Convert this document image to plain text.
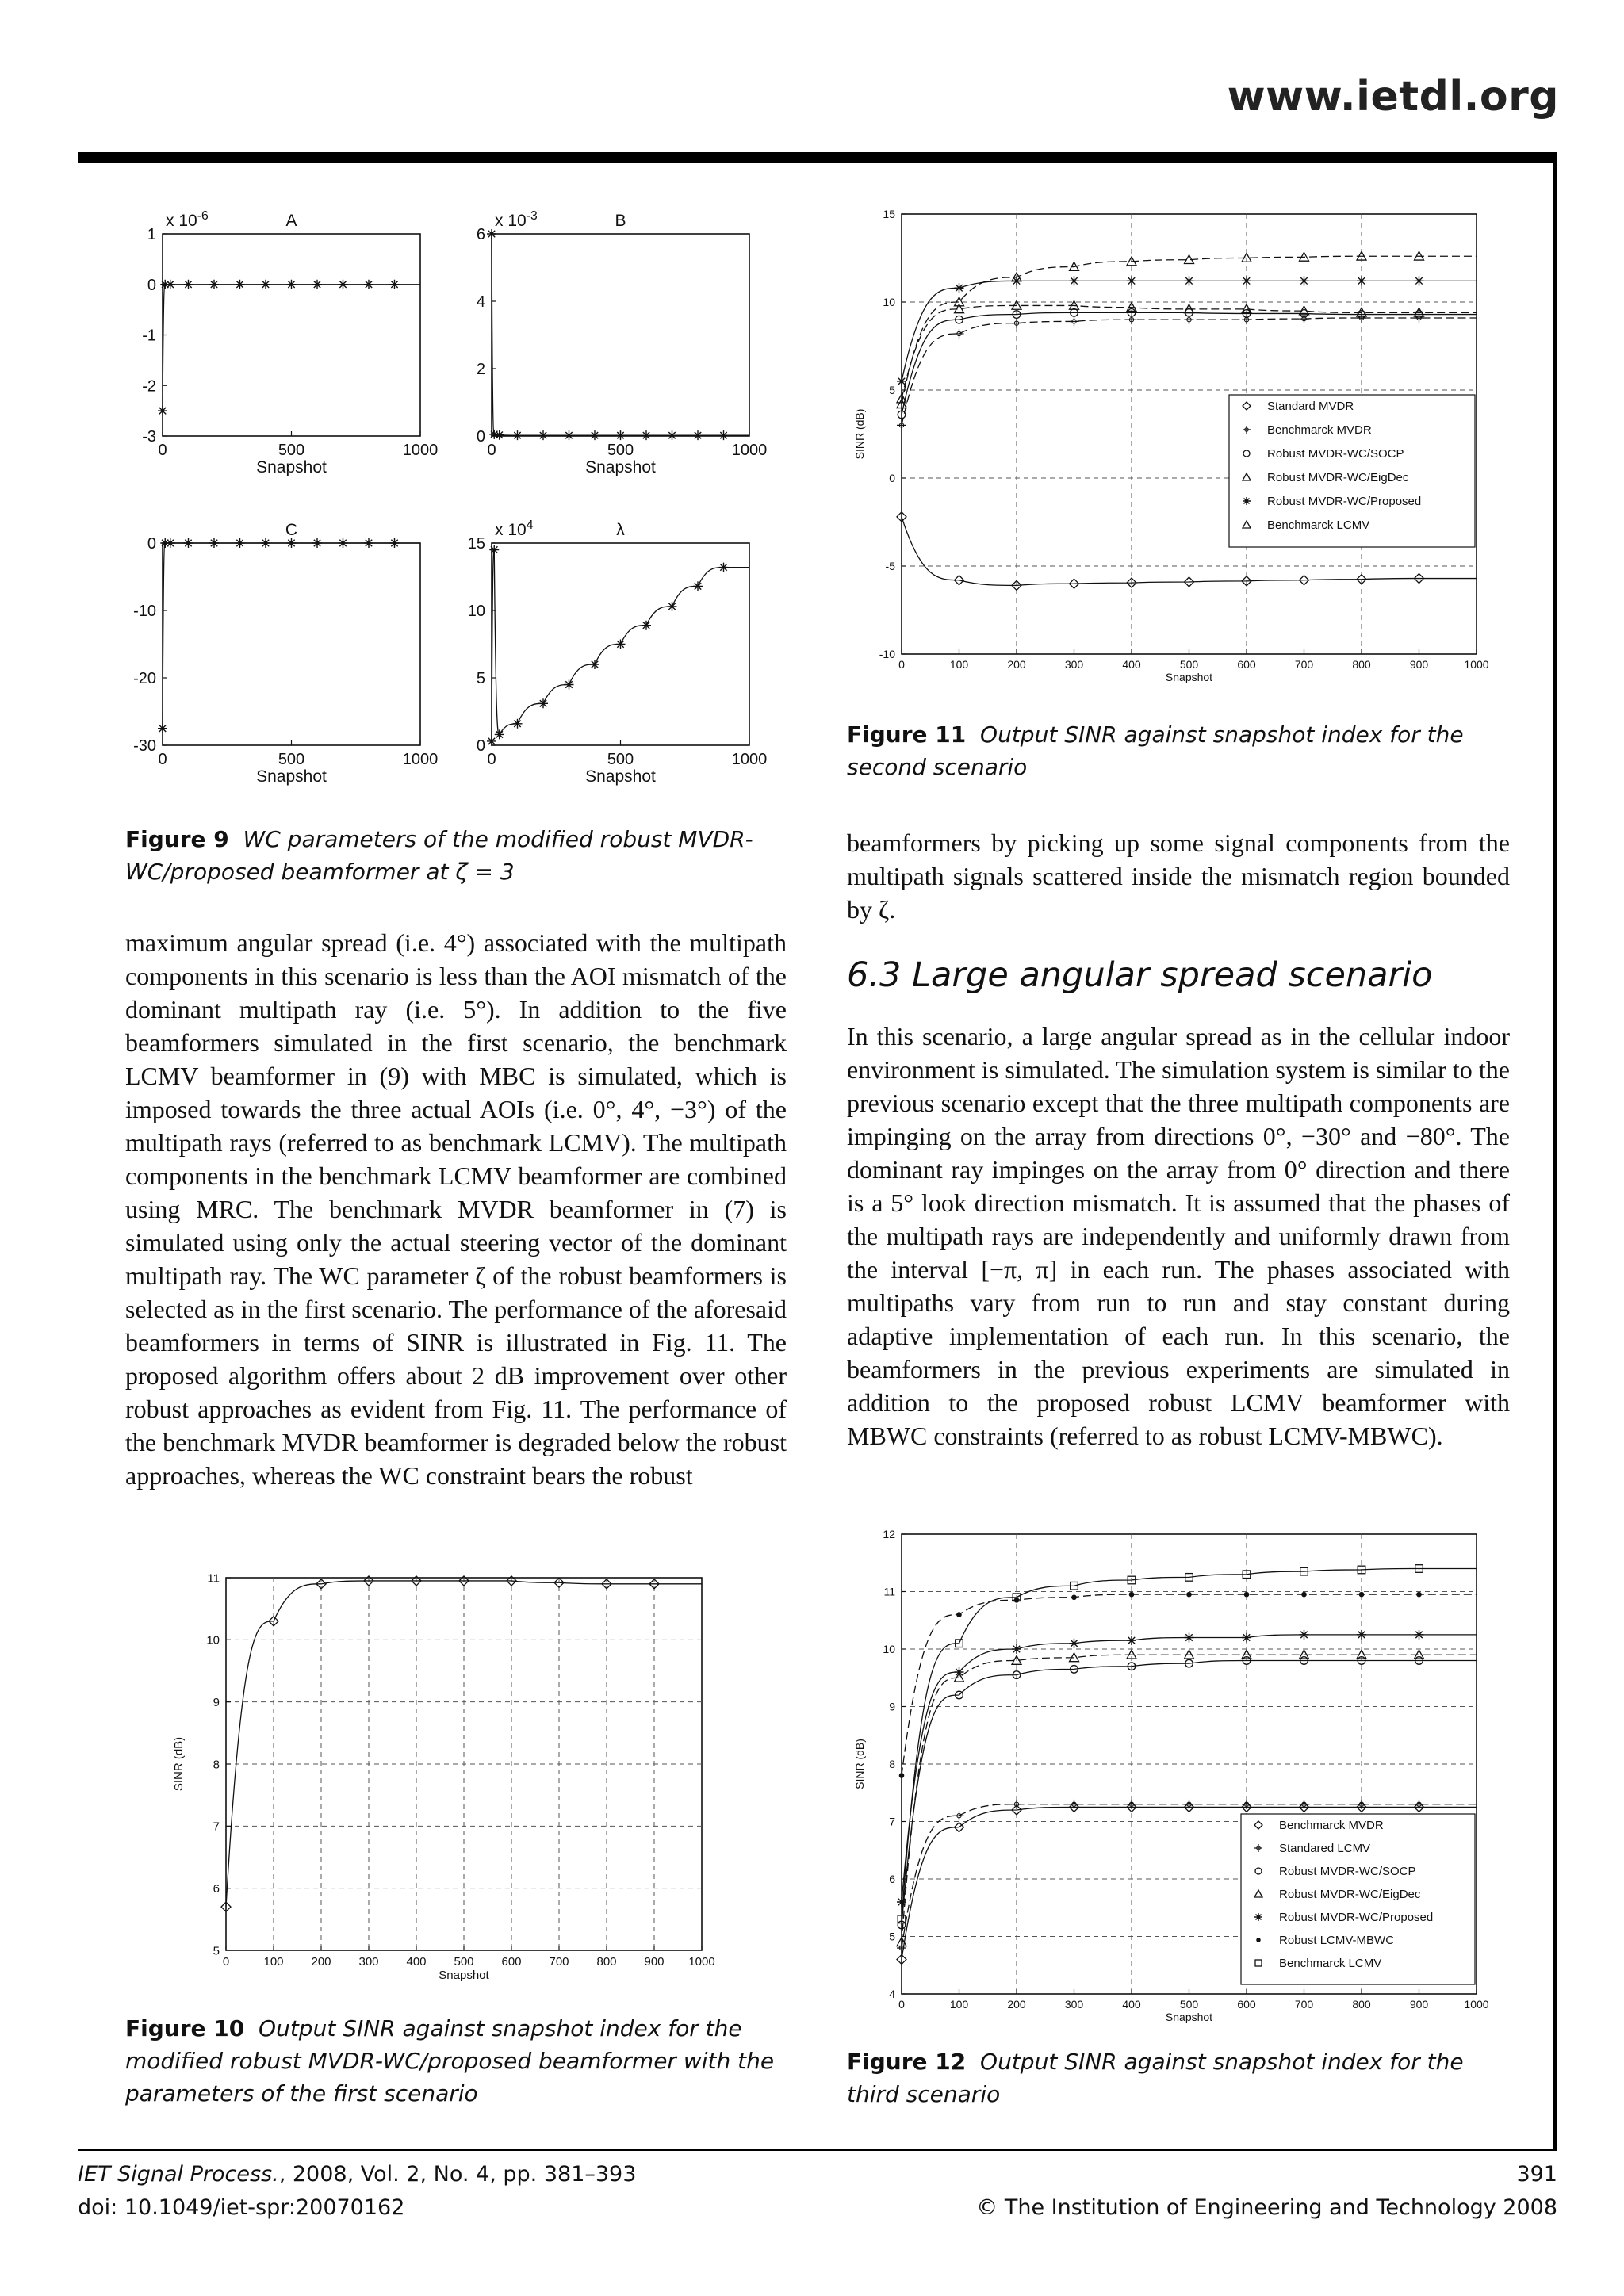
www.ietdl.org
0	500	1000
1
0
-1
-2
-3
Snapshot
A
x $10^{-6}$
0	500	1000
6
4
2
0
Snapshot
B
x $10^{-3}$
0	500	1000
0
-10
-20
-30
Snapshot
C
0	500	1000
15
10
5
0
Snapshot
λ
x $10^4$
Figure 9 WC parameters of the modified robust MVDR-WC/proposed beamformer at ζ = 3
0	100	200	300	400	500	600	700	800	900	1000
15
10
5
0
-5
-10
Snapshot
SINR (dB)
Standard MVDR
Benchmarck MVDR
Robust MVDR-WC/SOCP
Robust MVDR-WC/EigDec
Robust MVDR-WC/Proposed
Benchmarck LCMV
Figure 11 Output SINR against snapshot index for the second scenario

maximum angular spread (i.e. 4°) associated with the multipath components in this scenario is less than the AOI mismatch of the dominant multipath ray (i.e. 5°). In addition to the five beamformers simulated in the first scenario, the benchmark LCMV beamformer in (9) with MBC is simulated, which is imposed towards the three actual AOIs (i.e. 0°, 4°, −3°) of the multipath rays (referred to as benchmark LCMV). The multipath components in the benchmark LCMV beamformer are combined using MRC. The benchmark MVDR beamformer in (7) is simulated using only the actual steering vector of the dominant multipath ray. The WC parameter ζ of the robust beamformers is selected as in the first scenario. The performance of the aforesaid beamformers in terms of SINR is illustrated in Fig. 11. The proposed algorithm offers about 2 dB improvement over other robust approaches as evident from Fig. 11. The performance of the benchmark MVDR beamformer is degraded below the robust approaches, whereas the WC constraint bears the robust

beamformers by picking up some signal components from the multipath signals scattered inside the mismatch region bounded by ζ.

6.3 Large angular spread scenario

In this scenario, a large angular spread as in the cellular indoor environment is simulated. The simulation system is similar to the previous scenario except that the three multipath components are impinging on the array from directions 0°, −30° and −80°. The dominant ray impinges on the array from 0° direction and there is a 5° look direction mismatch. It is assumed that the phases of the multipath rays are independently and uniformly drawn from the interval [−π, π] in each run. The phases associated with multipaths vary from run to run and stay constant during adaptive implementation of each run. In this scenario, the beamformers in the previous experiments are simulated in addition to the proposed robust LCMV beamformer with MBWC constraints (referred to as robust LCMV-MBWC).

0	100 200 300 400 500 600 700 800 900 1000
5
6
7
8
9
10
11
Snapshot
SINR (dB)
Figure 10 Output SINR against snapshot index for the modified robust MVDR-WC/proposed beamformer with the parameters of the first scenario
0	100	200	300	400	500	600	700	800	900	1000
12
11
10
9
8
7
6
5
4
Snapshot
SINR (dB)
Benchmarck MVDR
Standared LCMV
Robust MVDR-WC/SOCP
Robust MVDR-WC/EigDec
Robust MVDR-WC/Proposed
Robust LCMV-MBWC
Benchmarck LCMV
Figure 12 Output SINR against snapshot index for the third scenario
IET Signal Process., 2008, Vol. 2, No. 4, pp. 381–393
doi: 10.1049/iet-spr:20070162
391
© The Institution of Engineering and Technology 2008
